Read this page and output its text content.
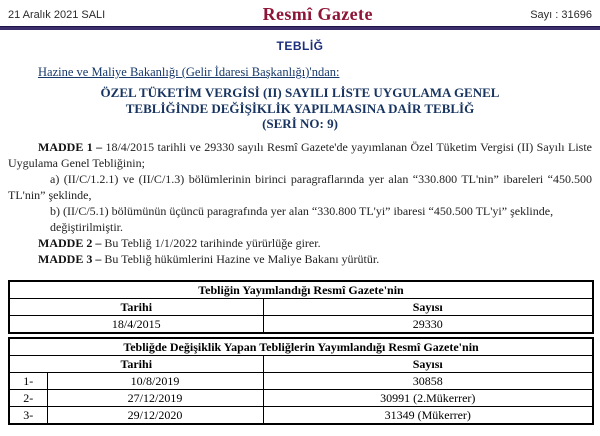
21 Aralık 2021 SALI	Resmî Gazete	Sayı : 31696
TEBLİĞ
Hazine ve Maliye Bakanlığı (Gelir İdaresi Başkanlığı)'ndan:
ÖZEL TÜKETİM VERGİSİ (II) SAYILI LİSTE UYGULAMA GENEL
TEBLİĞİNDE DEĞİŞİKLİK YAPILMASINA DAİR TEBLİĞ
(SERİ NO: 9)

MADDE 1 – 18/4/2015 tarihli ve 29330 sayılı Resmî Gazete'de yayımlanan Özel Tüketim Vergisi (II) Sayılı Liste Uygulama Genel Tebliğinin;

a) (II/C/1.2.1) ve (II/C/1.3) bölümlerinin birinci paragraflarında yer alan “330.800 TL'nin” ibareleri “450.500 TL'nin” şeklinde,

b) (II/C/5.1) bölümünün üçüncü paragrafında yer alan “330.800 TL'yi” ibaresi “450.500 TL'yi” şeklinde,

değiştirilmiştir.

MADDE 2 – Bu Tebliğ 1/1/2022 tarihinde yürürlüğe girer.

MADDE 3 – Bu Tebliğ hükümlerini Hazine ve Maliye Bakanı yürütür.

Tebliğin Yayımlandığı Resmî Gazete'nin	
Tarihi	Sayısı
18/4/2015	29330
Tebliğde Değişiklik Yapan Tebliğlerin Yayımlandığı Resmî Gazete'nin		
Tarihi		Sayısı
1-	10/8/2019	30858
2-	27/12/2019	30991 (2.Mükerrer)
3-	29/12/2020	31349 (Mükerrer)
